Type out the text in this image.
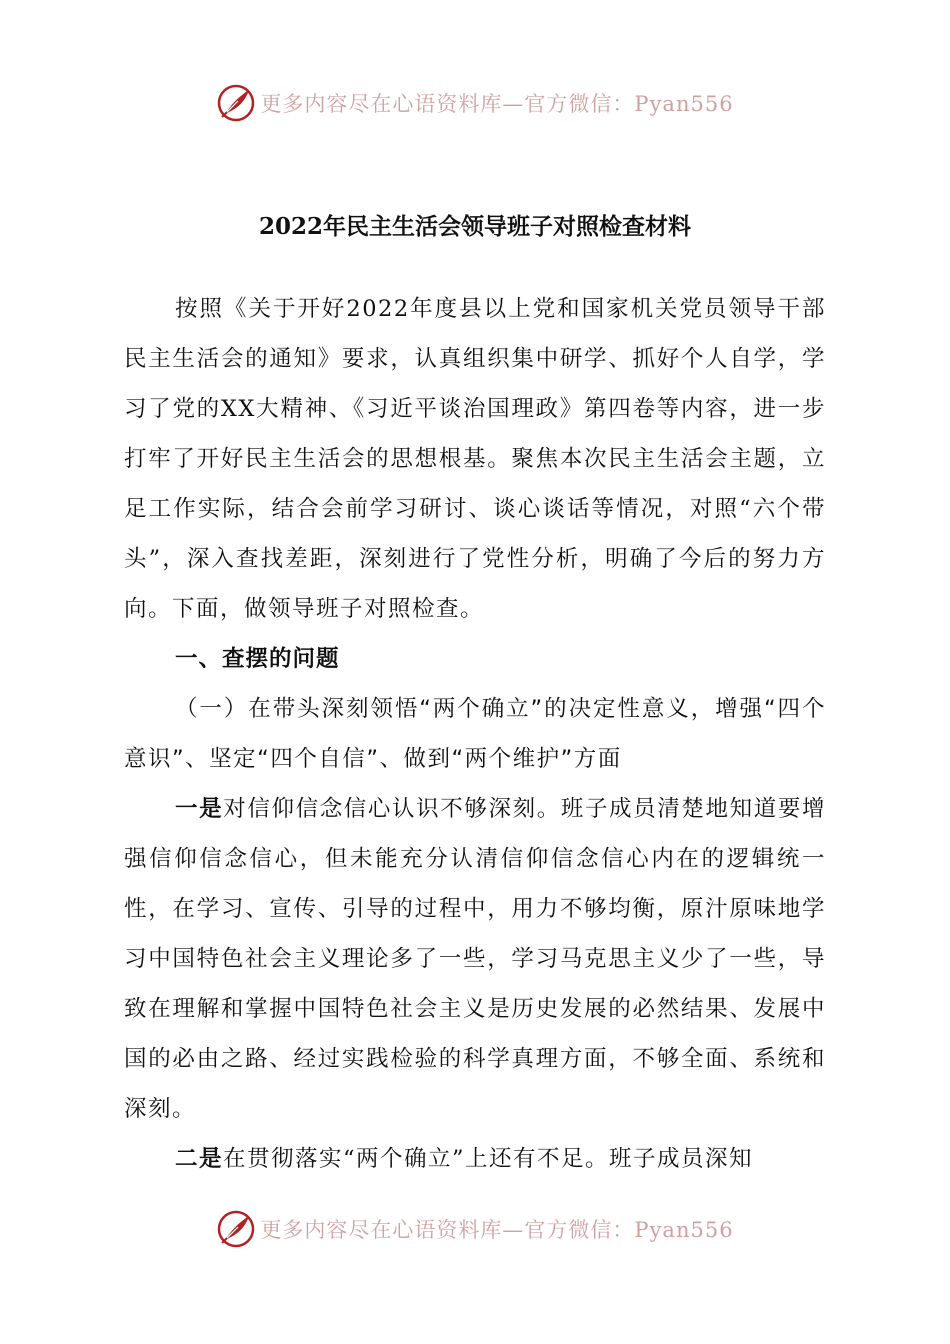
更多内容尽在心语资料库—官方微信：Pyan556
2022年民主生活会领导班子对照检查材料

按照《关于开好2022年度县以上党和国家机关党员领导干部民主生活会的通知》要求，认真组织集中研学、抓好个人自学，学习了党的XX大精神、《习近平谈治国理政》第四卷等内容，进一步打牢了开好民主生活会的思想根基。聚焦本次民主生活会主题，立足工作实际，结合会前学习研讨、谈心谈话等情况，对照“六个带头”，深入查找差距，深刻进行了党性分析，明确了今后的努力方向。下面，做领导班子对照检查。

一、查摆的问题

（一）在带头深刻领悟“两个确立”的决定性意义，增强“四个意识”、坚定“四个自信”、做到“两个维护”方面

一是对信仰信念信心认识不够深刻。班子成员清楚地知道要增强信仰信念信心，但未能充分认清信仰信念信心内在的逻辑统一性，在学习、宣传、引导的过程中，用力不够均衡，原汁原味地学习中国特色社会主义理论多了一些，学习马克思主义少了一些，导致在理解和掌握中国特色社会主义是历史发展的必然结果、发展中国的必由之路、经过实践检验的科学真理方面，不够全面、系统和深刻。

二是在贯彻落实“两个确立”上还有不足。班子成员深知

更多内容尽在心语资料库—官方微信：Pyan556
